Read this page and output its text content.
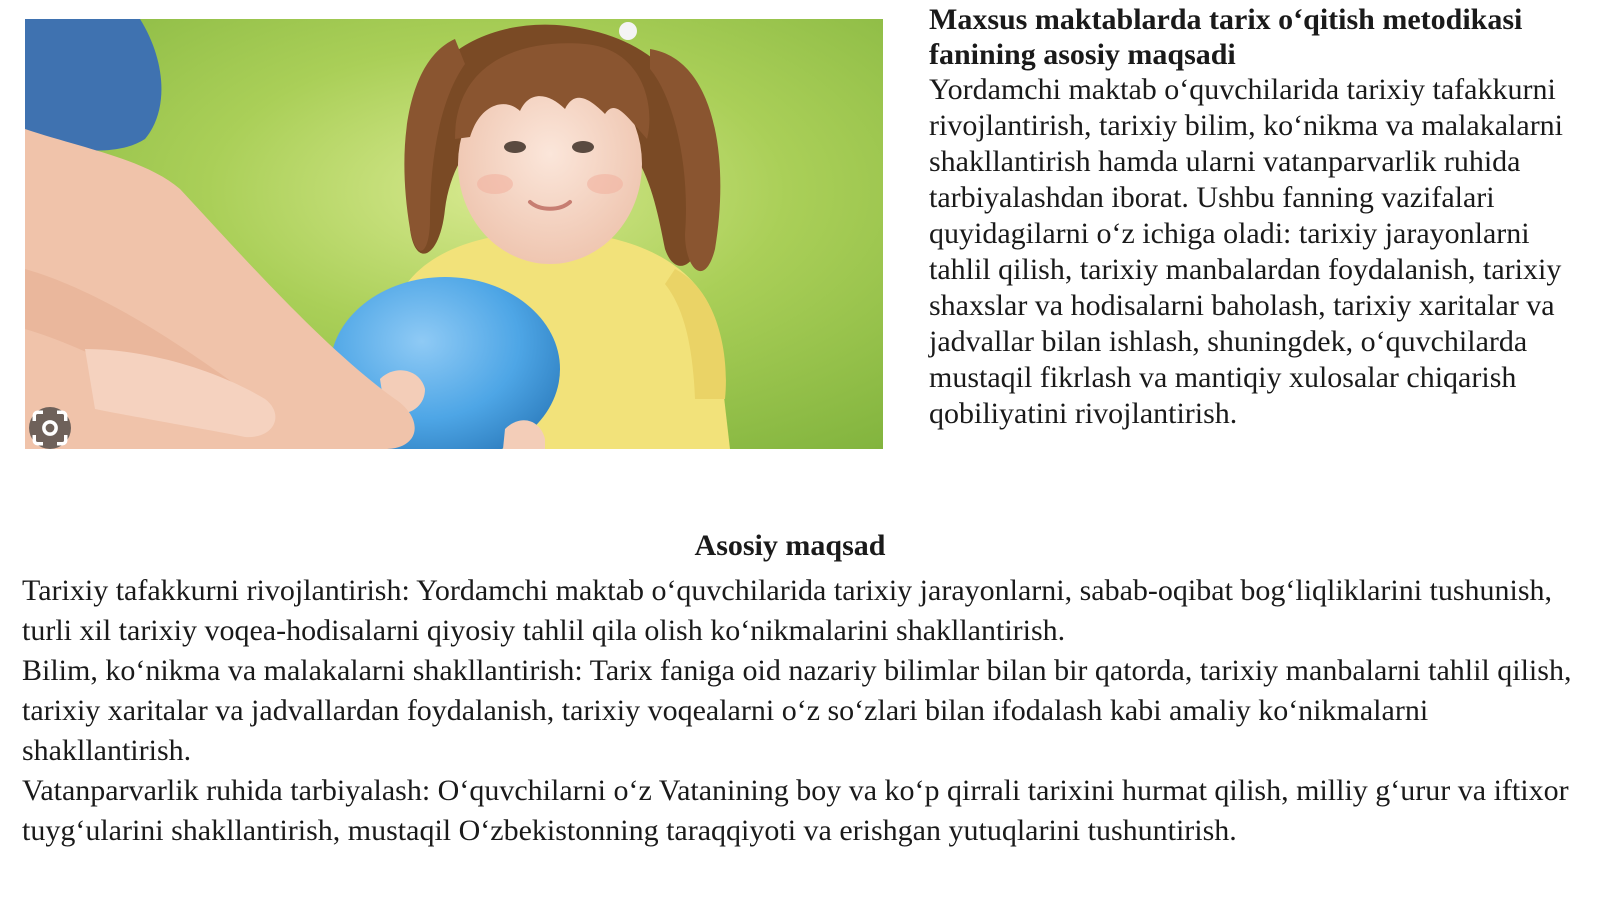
Maxsus maktablarda tarix o‘qitish metodikasi fanining asosiy maqsadi

Yordamchi maktab o‘quvchilarida tarixiy tafakkurni rivojlantirish, tarixiy bilim, ko‘nikma va malakalarni shakllantirish hamda ularni vatanparvarlik ruhida tarbiyalashdan iborat. Ushbu fanning vazifalari quyidagilarni o‘z ichiga oladi: tarixiy jarayonlarni tahlil qilish, tarixiy manbalardan foydalanish, tarixiy shaxslar va hodisalarni baholash, tarixiy xaritalar va jadvallar bilan ishlash, shuningdek, o‘quvchilarda mustaqil fikrlash va mantiqiy xulosalar chiqarish qobiliyatini rivojlantirish.

Asosiy maqsad

Tarixiy tafakkurni rivojlantirish: Yordamchi maktab o‘quvchilarida tarixiy jarayonlarni, sabab-oqibat bog‘liqliklarini tushunish, turli xil tarixiy voqea-hodisalarni qiyosiy tahlil qila olish ko‘nikmalarini shakllantirish.

Bilim, ko‘nikma va malakalarni shakllantirish: Tarix faniga oid nazariy bilimlar bilan bir qatorda, tarixiy manbalarni tahlil qilish, tarixiy xaritalar va jadvallardan foydalanish, tarixiy voqealarni o‘z so‘zlari bilan ifodalash kabi amaliy ko‘nikmalarni shakllantirish.

Vatanparvarlik ruhida tarbiyalash: O‘quvchilarni o‘z Vatanining boy va ko‘p qirrali tarixini hurmat qilish, milliy g‘urur va iftixor tuyg‘ularini shakllantirish, mustaqil O‘zbekistonning taraqqiyoti va erishgan yutuqlarini tushuntirish.
